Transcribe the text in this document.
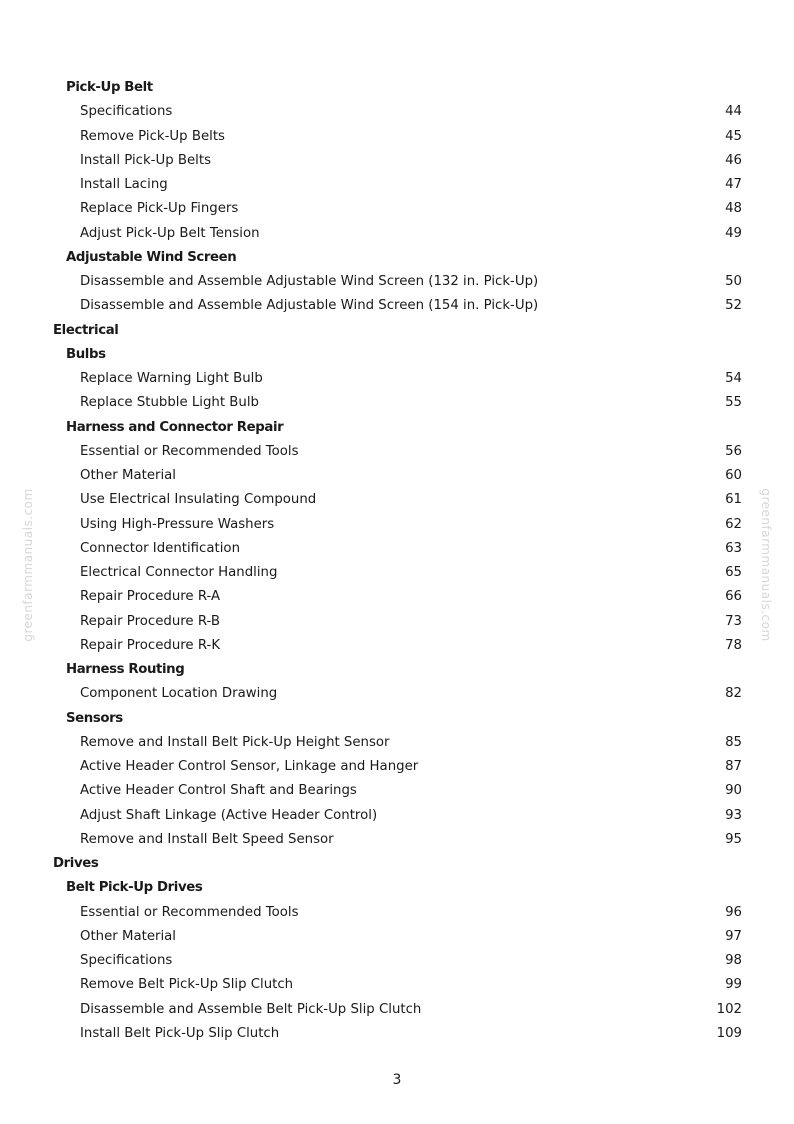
greenfarmmanuals.com	greenfarmmanuals.com
Pick-Up Belt
Specifications	44
Remove Pick-Up Belts	45
Install Pick-Up Belts	46
Install Lacing	47
Replace Pick-Up Fingers	48
Adjust Pick-Up Belt Tension	49
Adjustable Wind Screen
Disassemble and Assemble Adjustable Wind Screen (132 in. Pick-Up)	50
Disassemble and Assemble Adjustable Wind Screen (154 in. Pick-Up)	52
Electrical
Bulbs
Replace Warning Light Bulb	54
Replace Stubble Light Bulb	55
Harness and Connector Repair
Essential or Recommended Tools	56
Other Material	60
Use Electrical Insulating Compound	61
Using High-Pressure Washers	62
Connector Identification	63
Electrical Connector Handling	65
Repair Procedure R-A	66
Repair Procedure R-B	73
Repair Procedure R-K	78
Harness Routing
Component Location Drawing	82
Sensors
Remove and Install Belt Pick-Up Height Sensor	85
Active Header Control Sensor, Linkage and Hanger	87
Active Header Control Shaft and Bearings	90
Adjust Shaft Linkage (Active Header Control)	93
Remove and Install Belt Speed Sensor	95
Drives
Belt Pick-Up Drives
Essential or Recommended Tools	96
Other Material	97
Specifications	98
Remove Belt Pick-Up Slip Clutch	99
Disassemble and Assemble Belt Pick-Up Slip Clutch	102
Install Belt Pick-Up Slip Clutch	109
3
